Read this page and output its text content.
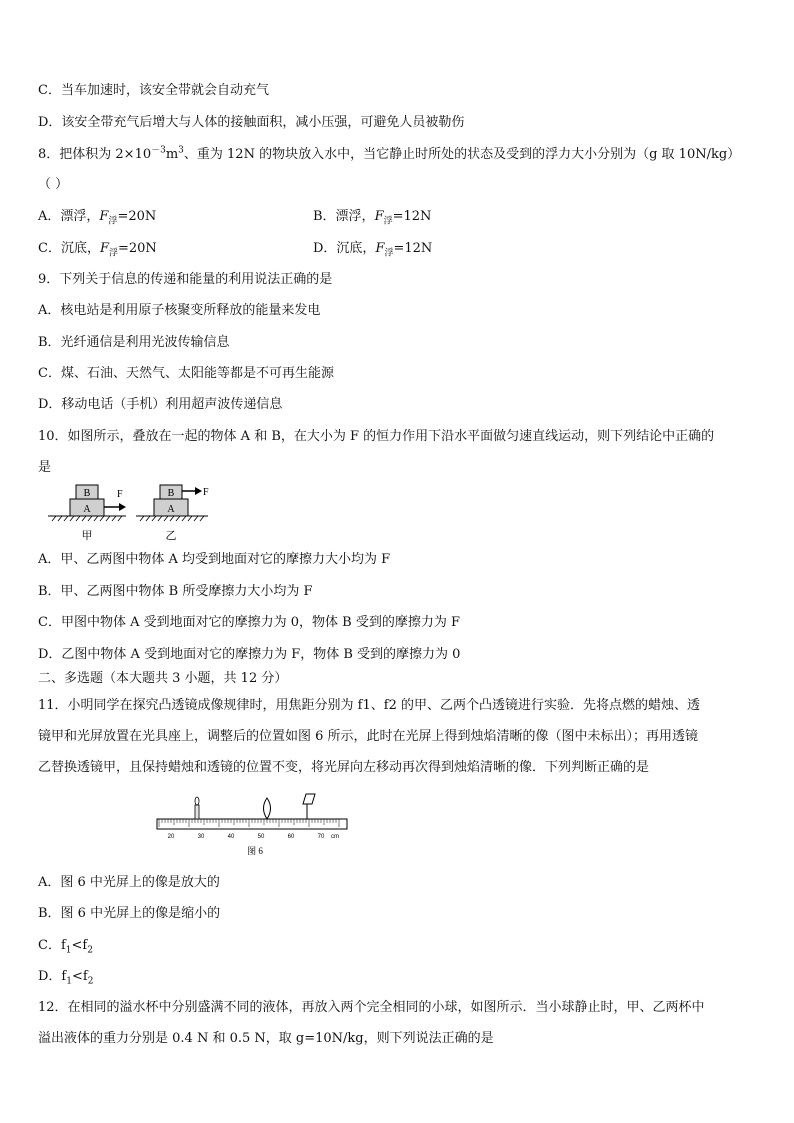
C．当车加速时，该安全带就会自动充气
D．该安全带充气后增大与人体的接触面积，减小压强，可避免人员被勒伤
8．把体积为 $2\times 10^{-3}m^3$、重为 12N 的物块放入水中，当它静止时所处的状态及受到的浮力大小分别为（g 取 10N/kg）
（ ）
A．漂浮，$F_浮=20N$	B．漂浮，$F_浮=12N$
C．沉底，$F_浮=20N$	D．沉底，$F_浮=12N$
9．下列关于信息的传递和能量的利用说法正确的是
A．核电站是利用原子核聚变所释放的能量来发电
B．光纤通信是利用光波传输信息
C．煤、石油、天然气、太阳能等都是不可再生能源
D．移动电话（手机）利用超声波传递信息
10．如图所示，叠放在一起的物体 A 和 B，在大小为 F 的恒力作用下沿水平面做匀速直线运动，则下列结论中正确的
是
B
A
F
甲
B	F
A
乙
A．甲、乙两图中物体 A 均受到地面对它的摩擦力大小均为 F
B．甲、乙两图中物体 B 所受摩擦力大小均为 F
C．甲图中物体 A 受到地面对它的摩擦力为 0，物体 B 受到的摩擦力为 F
D．乙图中物体 A 受到地面对它的摩擦力为 F，物体 B 受到的摩擦力为 0
二、多选题（本大题共 3 小题，共 12 分）
11．小明同学在探究凸透镜成像规律时，用焦距分别为 f1、f2 的甲、乙两个凸透镜进行实验．先将点燃的蜡烛、透
镜甲和光屏放置在光具座上，调整后的位置如图 6 所示，此时在光屏上得到烛焰清晰的像（图中未标出）；再用透镜
乙替换透镜甲，且保持蜡烛和透镜的位置不变，将光屏向左移动再次得到烛焰清晰的像．下列判断正确的是
20	30	40	50	60	70 cm
图 6
A．图 6 中光屏上的像是放大的
B．图 6 中光屏上的像是缩小的
C．$f_1<f_2$
D．$f_1<f_2$
12．在相同的溢水杯中分别盛满不同的液体，再放入两个完全相同的小球，如图所示．当小球静止时，甲、乙两杯中
溢出液体的重力分别是 0.4 N 和 0.5 N，取 g=10N/kg，则下列说法正确的是
